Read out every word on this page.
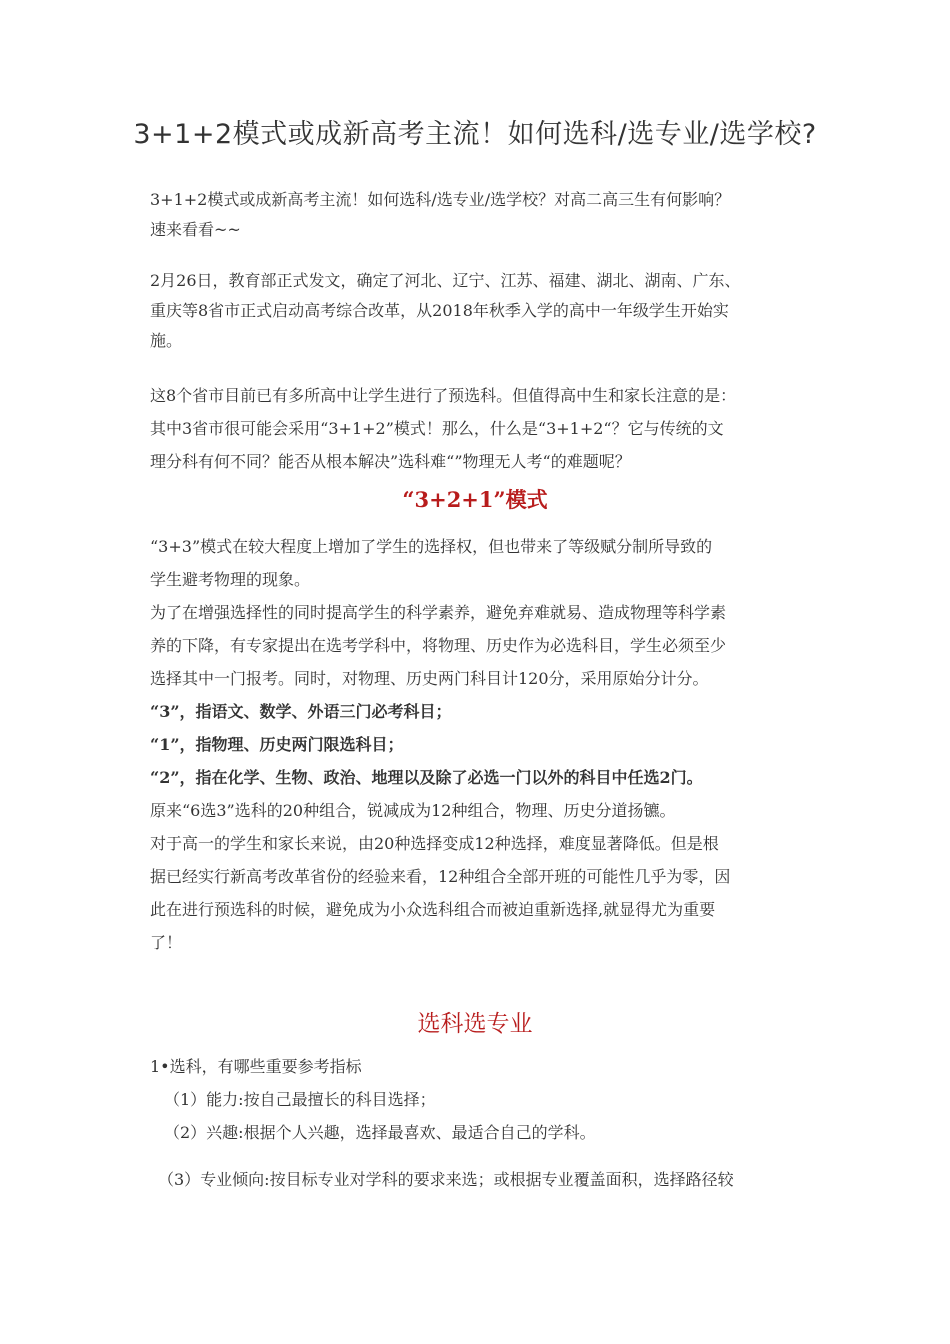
3+1+2模式或成新高考主流！如何选科/选专业/选学校?
3+1+2模式或成新高考主流！如何选科/选专业/选学校？对高二高三生有何影响？
速来看看~~
2月26日，教育部正式发文，确定了河北、辽宁、江苏、福建、湖北、湖南、广东、
重庆等8省市正式启动高考综合改革，从2018年秋季入学的高中一年级学生开始实
施。
这8个省市目前已有多所高中让学生进行了预选科。但值得高中生和家长注意的是：
其中3省市很可能会采用“3+1+2”模式！那么，什么是“3+1+2“？它与传统的文
理分科有何不同？能否从根本解决”选科难“”物理无人考“的难题呢？
“3+2+1”模式
“3+3”模式在较大程度上增加了学生的选择权，但也带来了等级赋分制所导致的
学生避考物理的现象。
为了在增强选择性的同时提高学生的科学素养，避免弃难就易、造成物理等科学素
养的下降，有专家提出在选考学科中，将物理、历史作为必选科目，学生必须至少
选择其中一门报考。同时，对物理、历史两门科目计120分，采用原始分计分。
“3”，指语文、数学、外语三门必考科目；
“1”，指物理、历史两门限选科目；
“2”，指在化学、生物、政治、地理以及除了必选一门以外的科目中任选2门。
原来“6选3”选科的20种组合，锐减成为12种组合，物理、历史分道扬镳。
对于高一的学生和家长来说，由20种选择变成12种选择，难度显著降低。但是根
据已经实行新高考改革省份的经验来看，12种组合全部开班的可能性几乎为零，因
此在进行预选科的时候，避免成为小众选科组合而被迫重新选择,就显得尤为重要
了！
选科选专业
1•选科，有哪些重要参考指标
（1）能力:按自己最擅长的科目选择；
（2）兴趣:根据个人兴趣，选择最喜欢、最适合自己的学科。
（3）专业倾向:按目标专业对学科的要求来选；或根据专业覆盖面积，选择路径较
